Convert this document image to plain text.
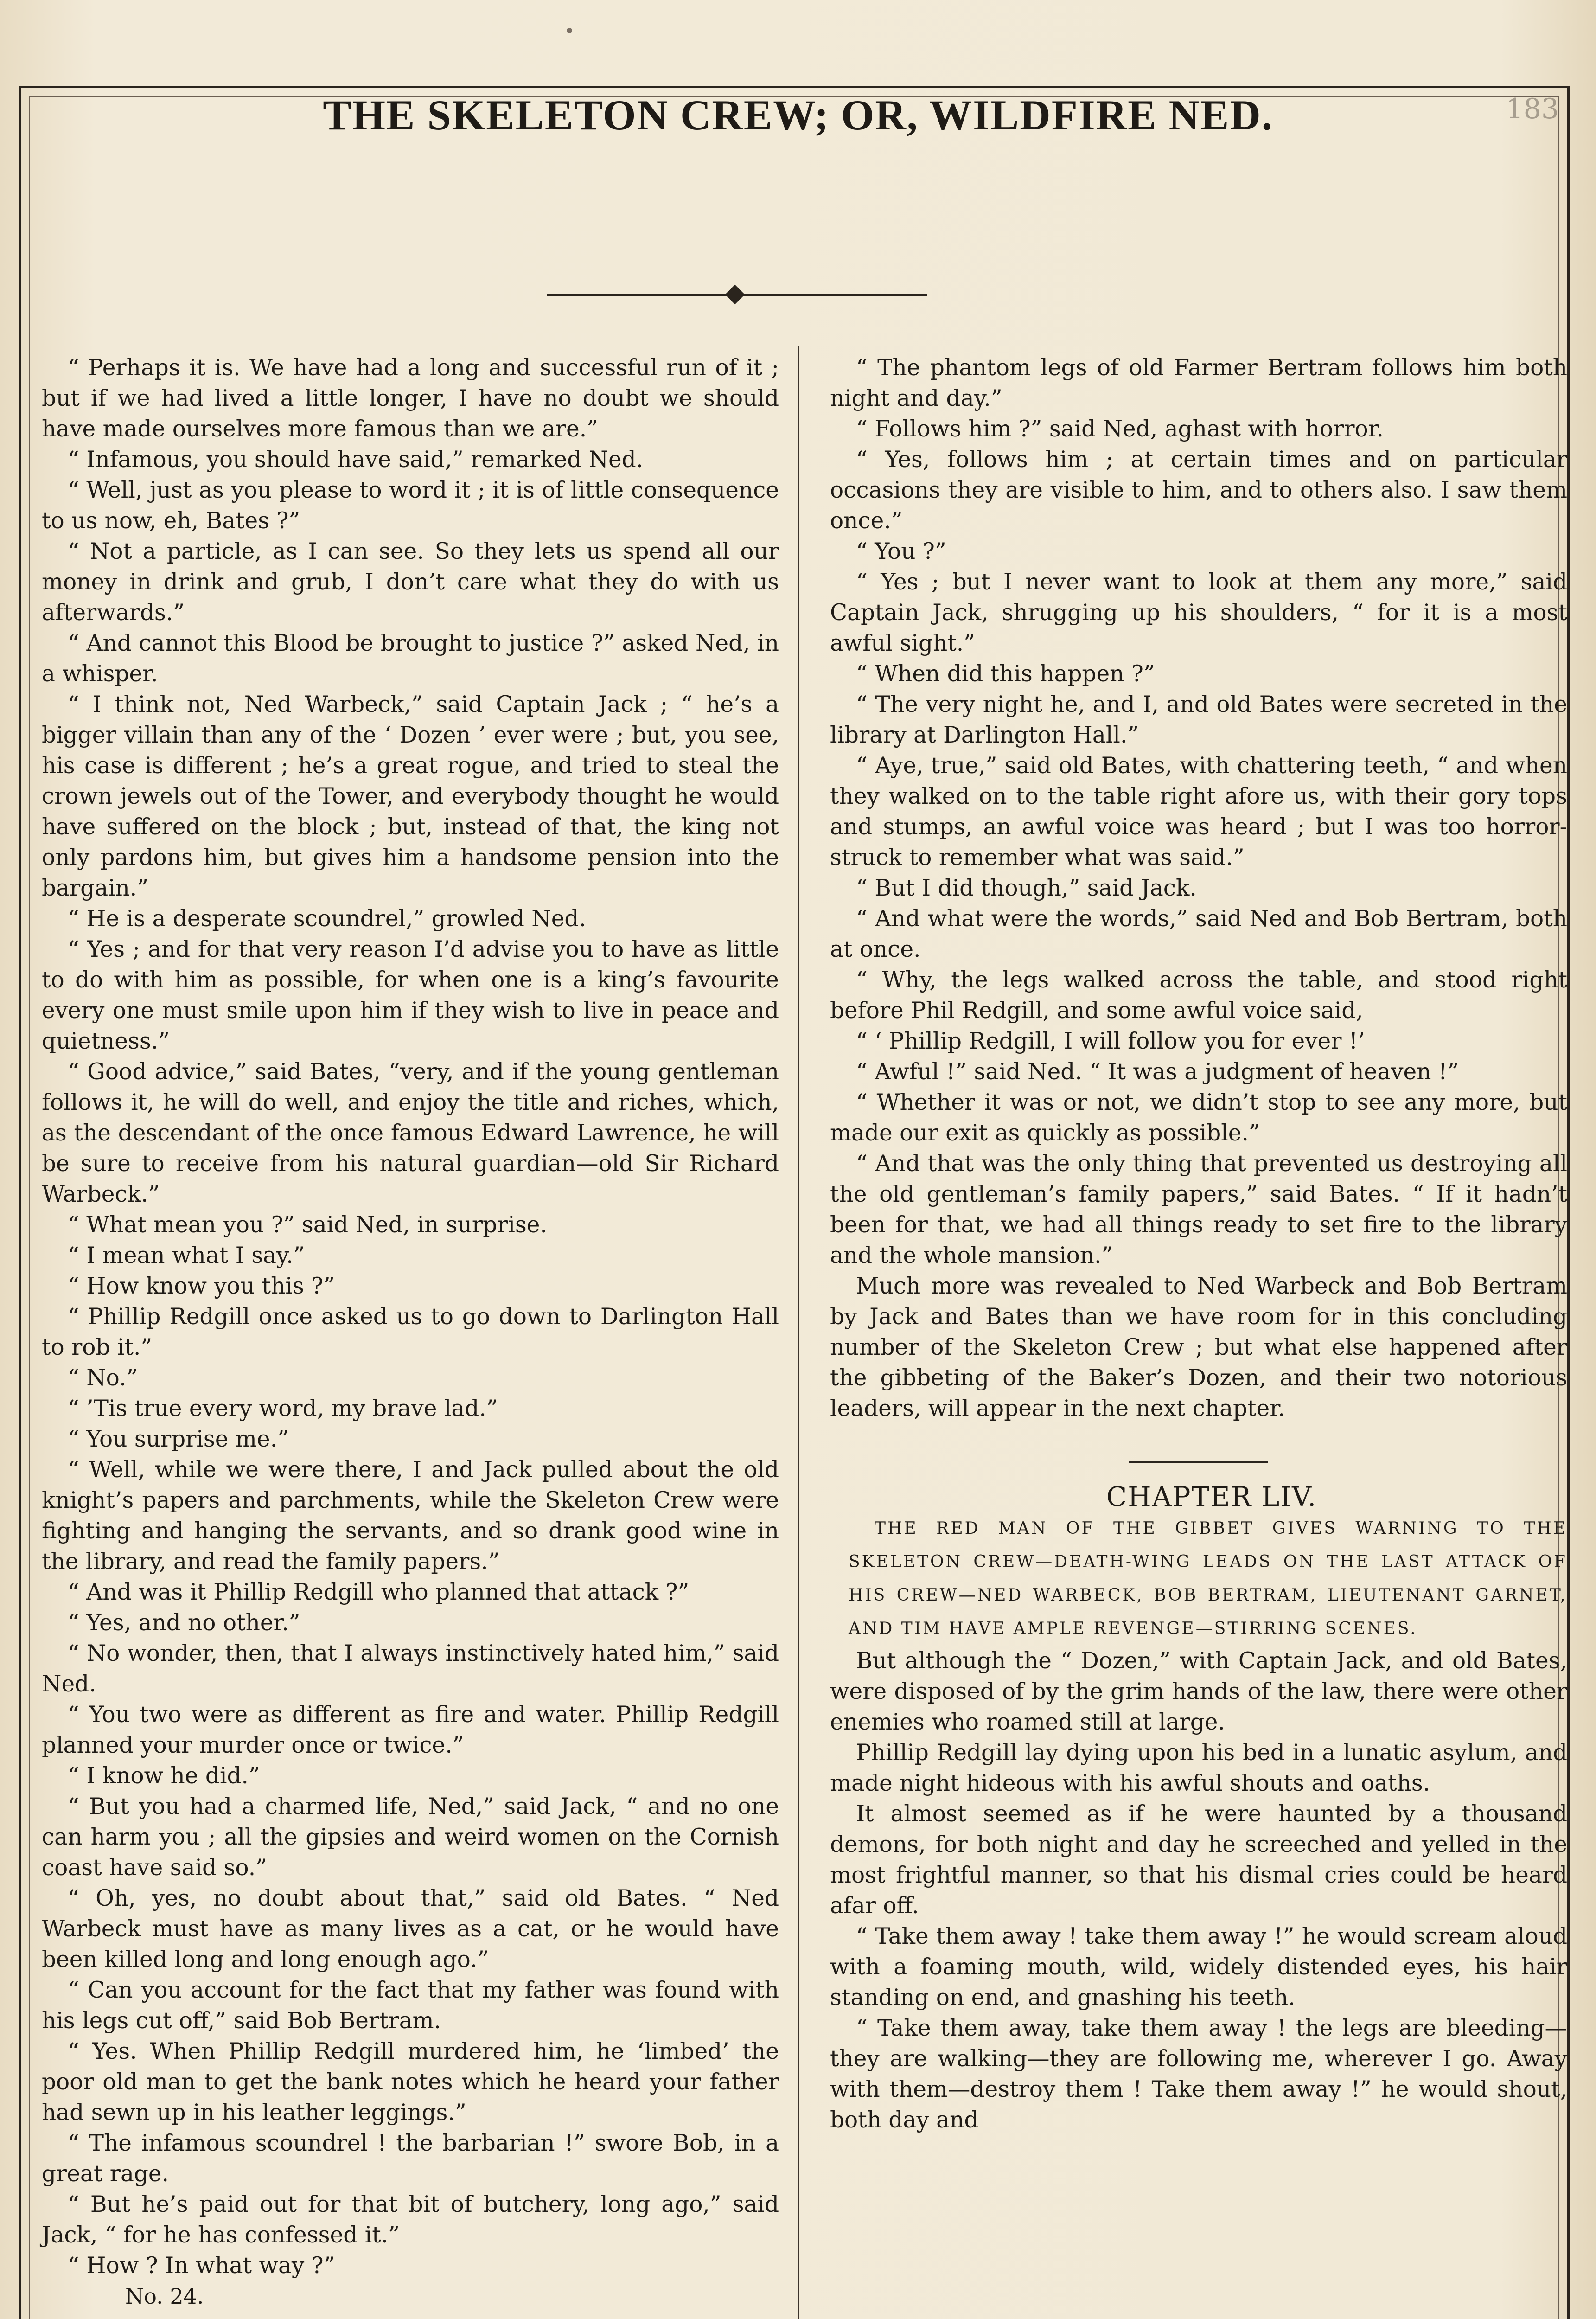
183
THE SKELETON CREW; OR, WILDFIRE NED.

“ Perhaps it is. We have had a long and successful run of it ; but if we had lived a little longer, I have no doubt we should have made ourselves more famous than we are.”

“ Infamous, you should have said,” remarked Ned.

“ Well, just as you please to word it ; it is of little consequence to us now, eh, Bates ?”

“ Not a particle, as I can see. So they lets us spend all our money in drink and grub, I don’t care what they do with us afterwards.”

“ And cannot this Blood be brought to justice ?” asked Ned, in a whisper.

“ I think not, Ned Warbeck,” said Captain Jack ; “ he’s a bigger villain than any of the ‘ Dozen ’ ever were ; but, you see, his case is different ; he’s a great rogue, and tried to steal the crown jewels out of the Tower, and everybody thought he would have suffered on the block ; but, instead of that, the king not only pardons him, but gives him a handsome pension into the bargain.”

“ He is a desperate scoundrel,” growled Ned.

“ Yes ; and for that very reason I’d advise you to have as little to do with him as possible, for when one is a king’s favourite every one must smile upon him if they wish to live in peace and quietness.”

“ Good advice,” said Bates, “very, and if the young gentleman follows it, he will do well, and enjoy the title and riches, which, as the descendant of the once famous Edward Lawrence, he will be sure to receive from his natural guardian—old Sir Richard Warbeck.”

“ What mean you ?” said Ned, in surprise.

“ I mean what I say.”

“ How know you this ?”

“ Phillip Redgill once asked us to go down to Darlington Hall to rob it.”

“ No.”

“ ’Tis true every word, my brave lad.”

“ You surprise me.”

“ Well, while we were there, I and Jack pulled about the old knight’s papers and parchments, while the Skeleton Crew were fighting and hanging the servants, and so drank good wine in the library, and read the family papers.”

“ And was it Phillip Redgill who planned that attack ?”

“ Yes, and no other.”

“ No wonder, then, that I always instinctively hated him,” said Ned.

“ You two were as different as fire and water. Phillip Redgill planned your murder once or twice.”

“ I know he did.”

“ But you had a charmed life, Ned,” said Jack, “ and no one can harm you ; all the gipsies and weird women on the Cornish coast have said so.”

“ Oh, yes, no doubt about that,” said old Bates. “ Ned Warbeck must have as many lives as a cat, or he would have been killed long and long enough ago.”

“ Can you account for the fact that my father was found with his legs cut off,” said Bob Bertram.

“ Yes. When Phillip Redgill murdered him, he ‘limbed’ the poor old man to get the bank notes which he heard your father had sewn up in his leather leggings.”

“ The infamous scoundrel ! the barbarian !” swore Bob, in a great rage.

“ But he’s paid out for that bit of butchery, long ago,” said Jack, “ for he has confessed it.”

“ How ? In what way ?”

No. 24.

“ The phantom legs of old Farmer Bertram follows him both night and day.”

“ Follows him ?” said Ned, aghast with horror.

“ Yes, follows him ; at certain times and on particular occasions they are visible to him, and to others also. I saw them once.”

“ You ?”

“ Yes ; but I never want to look at them any more,” said Captain Jack, shrugging up his shoulders, “ for it is a most awful sight.”

“ When did this happen ?”

“ The very night he, and I, and old Bates were secreted in the library at Darlington Hall.”

“ Aye, true,” said old Bates, with chattering teeth, “ and when they walked on to the table right afore us, with their gory tops and stumps, an awful voice was heard ; but I was too horror-struck to remember what was said.”

“ But I did though,” said Jack.

“ And what were the words,” said Ned and Bob Bertram, both at once.

“ Why, the legs walked across the table, and stood right before Phil Redgill, and some awful voice said,

“ ‘ Phillip Redgill, I will follow you for ever !’

“ Awful !” said Ned. “ It was a judgment of heaven !”

“ Whether it was or not, we didn’t stop to see any more, but made our exit as quickly as possible.”

“ And that was the only thing that prevented us destroying all the old gentleman’s family papers,” said Bates. “ If it hadn’t been for that, we had all things ready to set fire to the library and the whole mansion.”

Much more was revealed to Ned Warbeck and Bob Bertram by Jack and Bates than we have room for in this concluding number of the Skeleton Crew ; but what else happened after the gibbeting of the Baker’s Dozen, and their two notorious leaders, will appear in the next chapter.

CHAPTER LIV.

THE RED MAN OF THE GIBBET GIVES WARNING TO THE SKELETON CREW—DEATH-WING LEADS ON THE LAST ATTACK OF HIS CREW—NED WARBECK, BOB BERTRAM, LIEUTENANT GARNET, AND TIM HAVE AMPLE REVENGE—STIRRING SCENES.

But although the “ Dozen,” with Captain Jack, and old Bates, were disposed of by the grim hands of the law, there were other enemies who roamed still at large.

Phillip Redgill lay dying upon his bed in a lunatic asylum, and made night hideous with his awful shouts and oaths.

It almost seemed as if he were haunted by a thousand demons, for both night and day he screeched and yelled in the most frightful manner, so that his dismal cries could be heard afar off.

“ Take them away ! take them away !” he would scream aloud with a foaming mouth, wild, widely distended eyes, his hair standing on end, and gnashing his teeth.

“ Take them away, take them away ! the legs are bleeding—they are walking—they are following me, wherever I go. Away with them—destroy them ! Take them away !” he would shout, both day and
